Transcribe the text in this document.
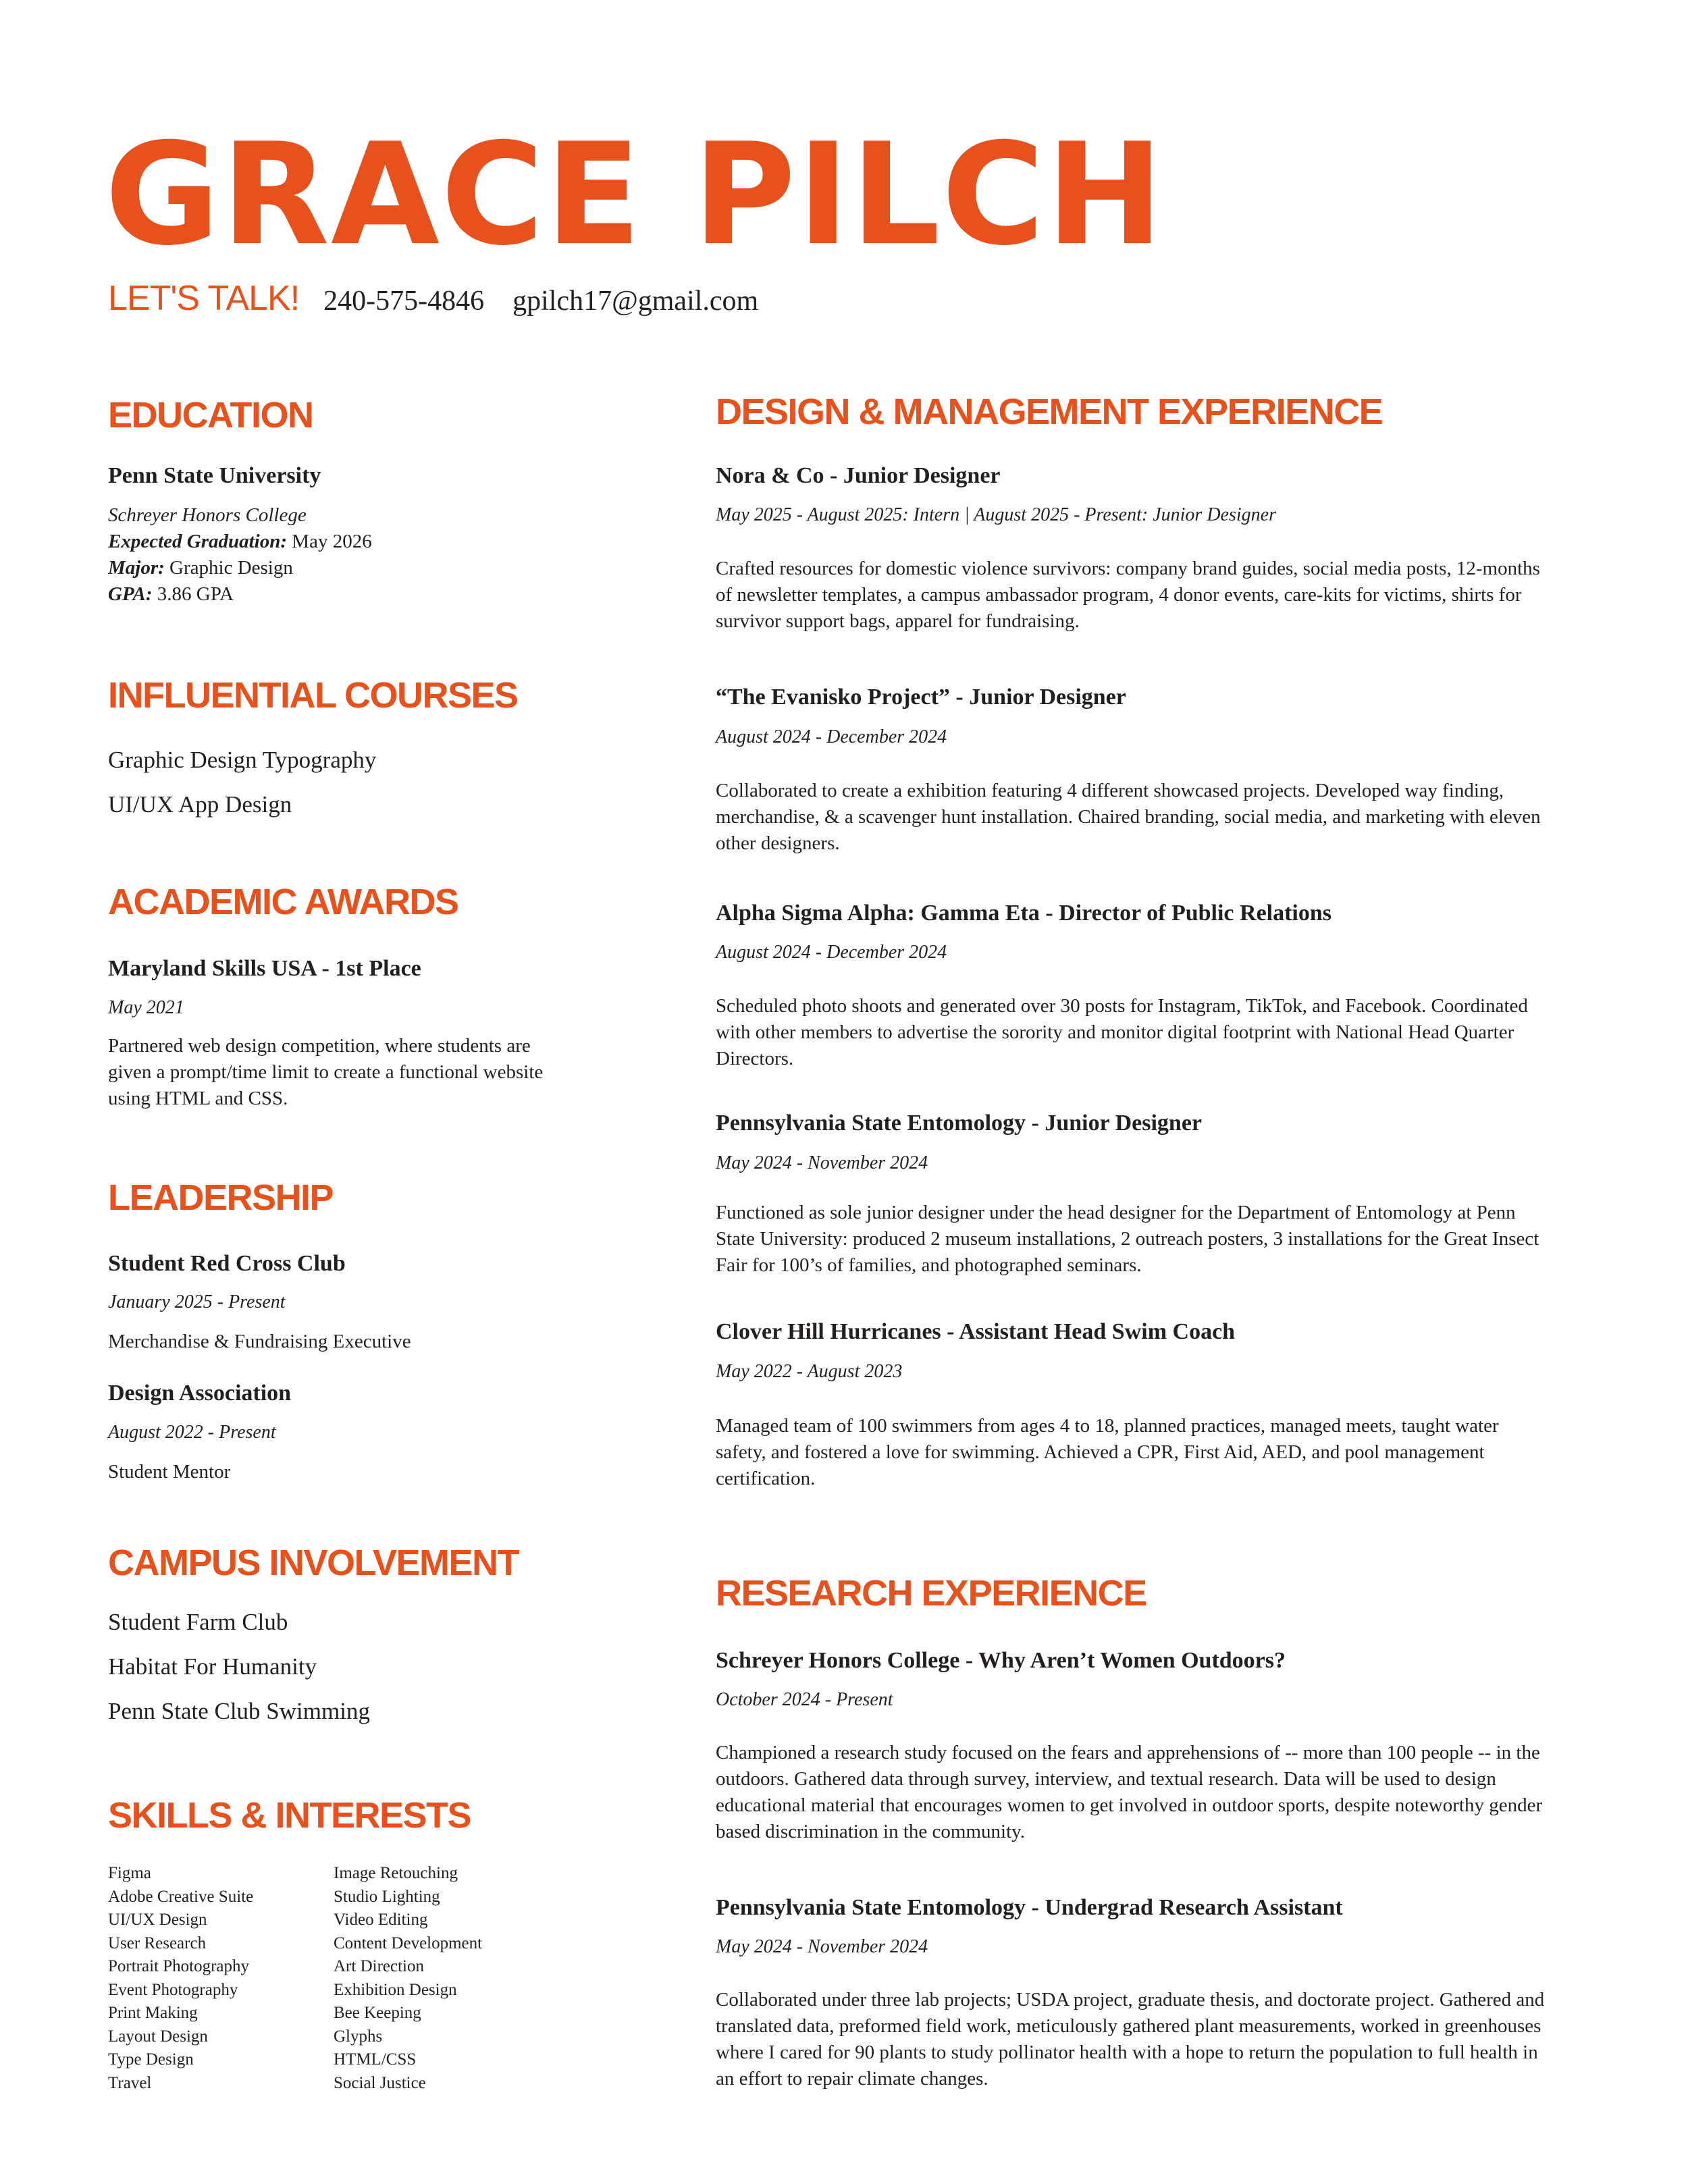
GRACE PILCH
LET'S TALK! 240-575-4846 gpilch17@gmail.com
EDUCATION
Penn State University
Schreyer Honors College
Expected Graduation: May 2026
Major: Graphic Design
GPA: 3.86 GPA
INFLUENTIAL COURSES
Graphic Design Typography
UI/UX App Design
ACADEMIC AWARDS
Maryland Skills USA - 1st Place
May 2021
Partnered web design competition, where students are given a prompt/time limit to create a functional website using HTML and CSS.
LEADERSHIP
Student Red Cross Club
January 2025 - Present
Merchandise & Fundraising Executive
Design Association
August 2022 - Present
Student Mentor
CAMPUS INVOLVEMENT
Student Farm Club
Habitat For Humanity
Penn State Club Swimming
SKILLS & INTERESTS
Figma
Adobe Creative Suite
UI/UX Design
User Research
Portrait Photography
Event Photography
Print Making
Layout Design
Type Design
Travel
Image Retouching
Studio Lighting
Video Editing
Content Development
Art Direction
Exhibition Design
Bee Keeping
Glyphs
HTML/CSS
Social Justice
DESIGN & MANAGEMENT EXPERIENCE
Nora & Co - Junior Designer
May 2025 - August 2025: Intern | August 2025 - Present: Junior Designer
Crafted resources for domestic violence survivors: company brand guides, social media posts, 12-months of newsletter templates, a campus ambassador program, 4 donor events, care-kits for victims, shirts for survivor support bags, apparel for fundraising.
“The Evanisko Project” - Junior Designer
August 2024 - December 2024
Collaborated to create a exhibition featuring 4 different showcased projects. Developed way finding, merchandise, & a scavenger hunt installation. Chaired branding, social media, and marketing with eleven other designers.
Alpha Sigma Alpha: Gamma Eta - Director of Public Relations
August 2024 - December 2024
Scheduled photo shoots and generated over 30 posts for Instagram, TikTok, and Facebook. Coordinated with other members to advertise the sorority and monitor digital footprint with National Head Quarter Directors.
Pennsylvania State Entomology - Junior Designer
May 2024 - November 2024
Functioned as sole junior designer under the head designer for the Department of Entomology at Penn State University: produced 2 museum installations, 2 outreach posters, 3 installations for the Great Insect Fair for 100’s of families, and photographed seminars.
Clover Hill Hurricanes - Assistant Head Swim Coach
May 2022 - August 2023
Managed team of 100 swimmers from ages 4 to 18, planned practices, managed meets, taught water safety, and fostered a love for swimming. Achieved a CPR, First Aid, AED, and pool management certification.
RESEARCH EXPERIENCE
Schreyer Honors College - Why Aren’t Women Outdoors?
October 2024 - Present
Championed a research study focused on the fears and apprehensions of -- more than 100 people -- in the outdoors. Gathered data through survey, interview, and textual research. Data will be used to design educational material that encourages women to get involved in outdoor sports, despite noteworthy gender based discrimination in the community.
Pennsylvania State Entomology - Undergrad Research Assistant
May 2024 - November 2024
Collaborated under three lab projects; USDA project, graduate thesis, and doctorate project. Gathered and translated data, preformed field work, meticulously gathered plant measurements, worked in greenhouses where I cared for 90 plants to study pollinator health with a hope to return the population to full health in an effort to repair climate changes.
